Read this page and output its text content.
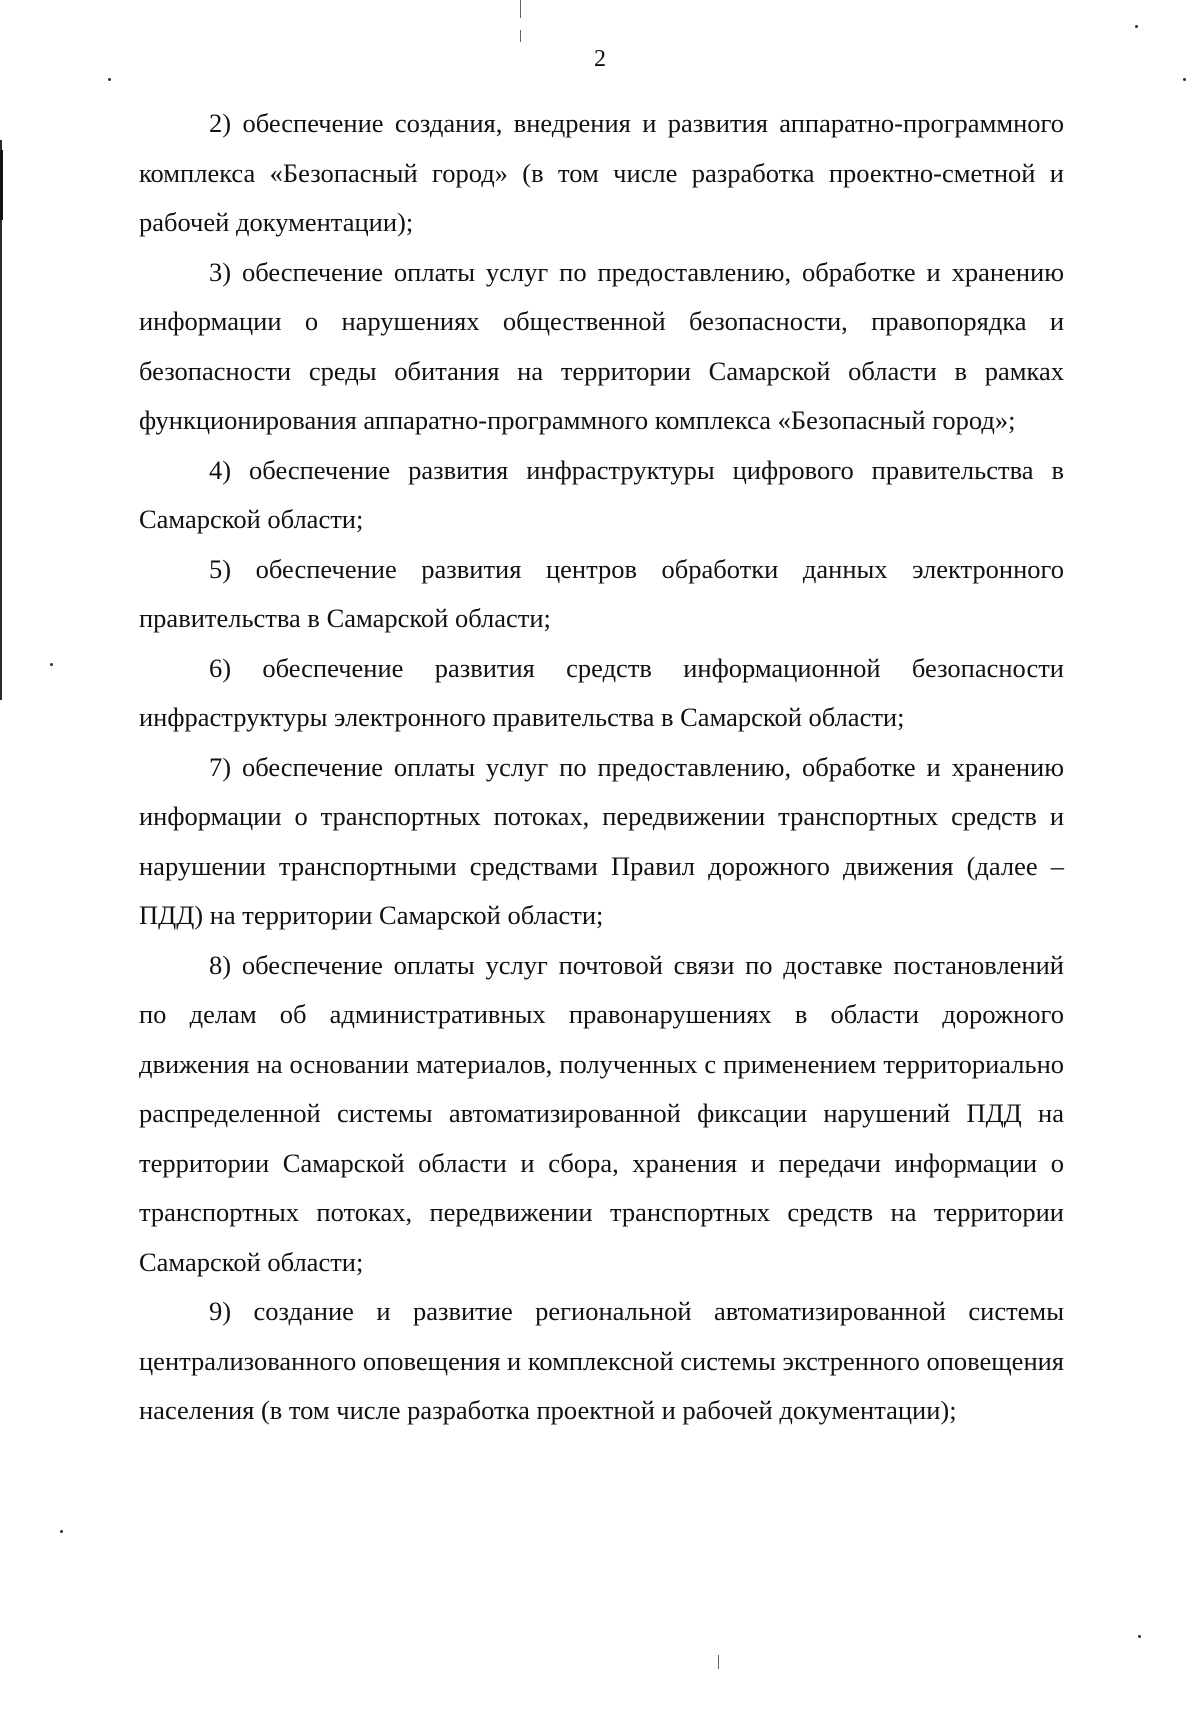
2

2) обеспечение создания, внедрения и развития аппаратно-программного комплекса «Безопасный город» (в том числе разработка проектно-сметной и рабочей документации);

3) обеспечение оплаты услуг по предоставлению, обработке и хранению информации о нарушениях общественной безопасности, правопорядка и безопасности среды обитания на территории Самарской области в рамках функционирования аппаратно-программного комплекса «Безопасный город»;

4) обеспечение развития инфраструктуры цифрового правительства в Самарской области;

5) обеспечение развития центров обработки данных электронного правительства в Самарской области;

6) обеспечение развития средств информационной безопасности инфраструктуры электронного правительства в Самарской области;

7) обеспечение оплаты услуг по предоставлению, обработке и хранению информации о транспортных потоках, передвижении транспортных средств и нарушении транспортными средствами Правил дорожного движения (далее – ПДД) на территории Самарской области;

8) обеспечение оплаты услуг почтовой связи по доставке постановлений по делам об административных правонарушениях в области дорожного движения на основании материалов, полученных с применением территориально распределенной системы автоматизированной фиксации нарушений ПДД на территории Самарской области и сбора, хранения и передачи информации о транспортных потоках, передвижении транспортных средств на территории Самарской области;

9) создание и развитие региональной автоматизированной системы централизованного оповещения и комплексной системы экстренного оповещения населения (в том числе разработка проектной и рабочей документации);
